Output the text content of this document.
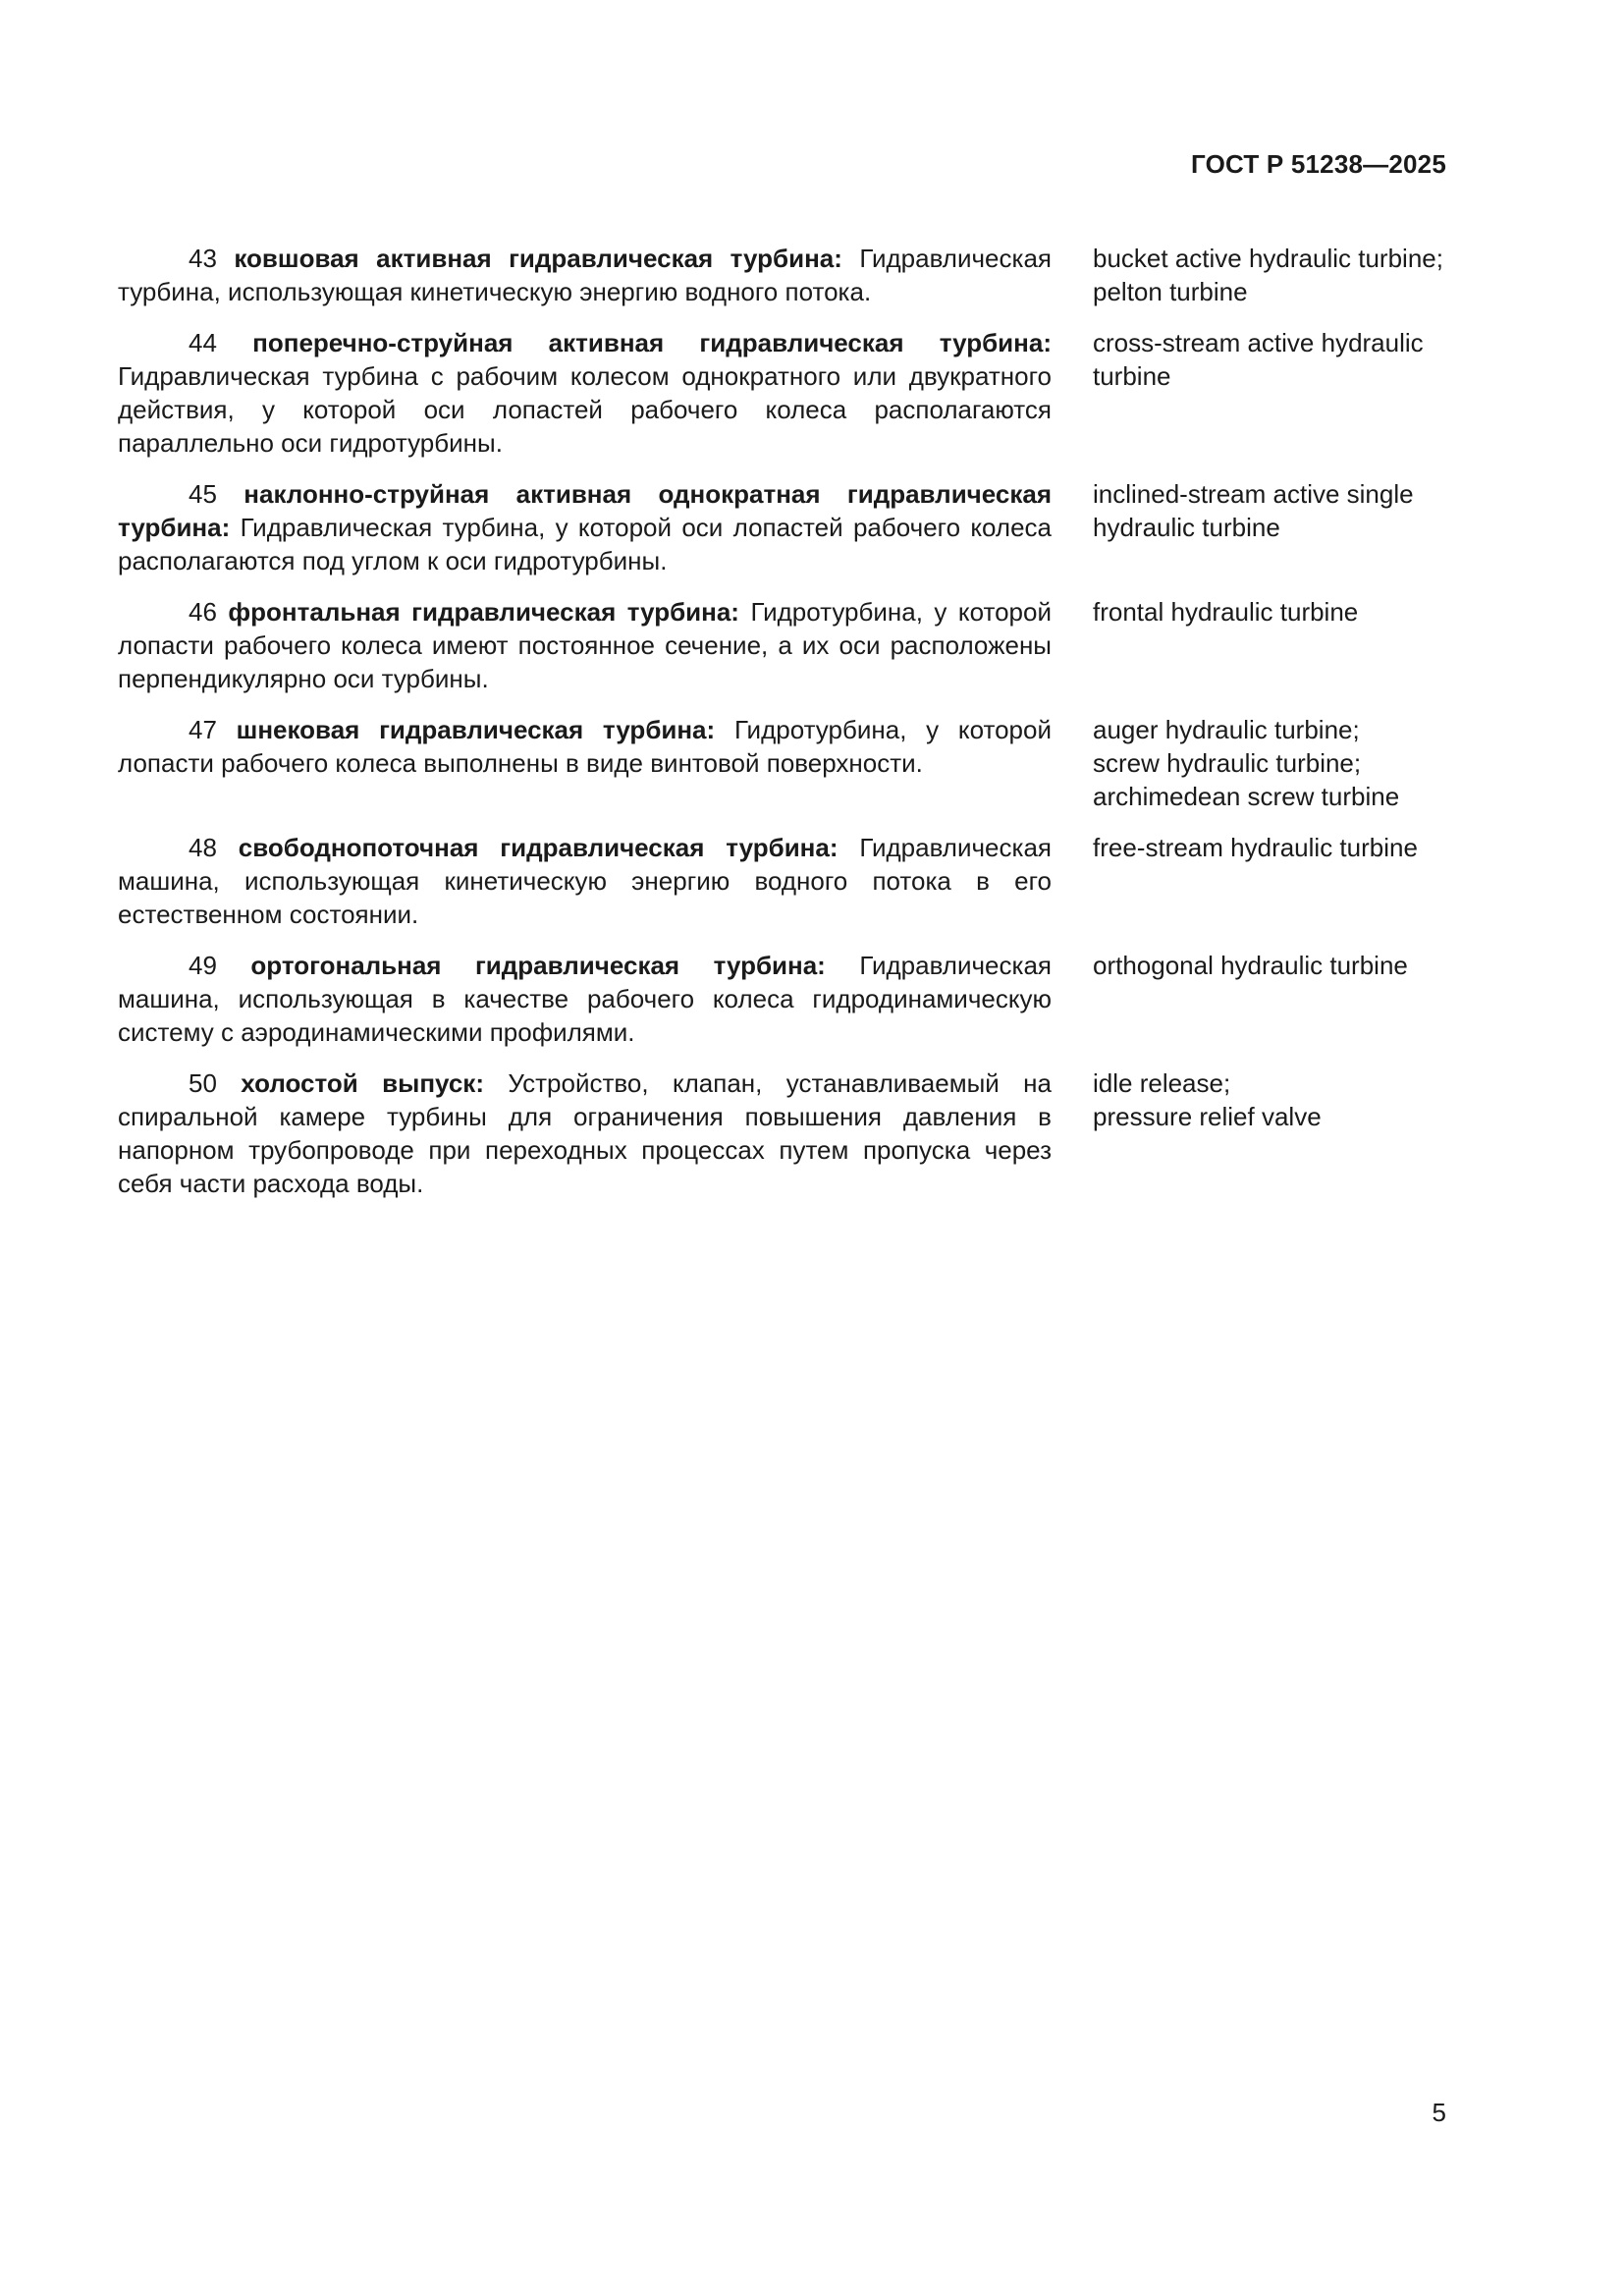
ГОСТ Р 51238—2025
43 ковшовая активная гидравлическая турбина: Гидравлическая турбина, использующая кинетическую энергию водного потока.
bucket active hydraulic turbine; pelton turbine
44 поперечно-струйная активная гидравлическая турбина: Гидравлическая турбина с рабочим колесом однократного или двукратного действия, у которой оси лопастей рабочего колеса располагаются параллельно оси гидротурбины.
cross-stream active hydraulic turbine
45 наклонно-струйная активная однократная гидравлическая турбина: Гидравлическая турбина, у которой оси лопастей рабочего колеса располагаются под углом к оси гидротурбины.
inclined-stream active single hydraulic turbine
46 фронтальная гидравлическая турбина: Гидротурбина, у которой лопасти рабочего колеса имеют постоянное сечение, а их оси расположены перпендикулярно оси турбины.
frontal hydraulic turbine
47 шнековая гидравлическая турбина: Гидротурбина, у которой лопасти рабочего колеса выполнены в виде винтовой поверхности.
auger hydraulic turbine;
screw hydraulic turbine;
archimedean screw turbine
48 свободнопоточная гидравлическая турбина: Гидравлическая машина, использующая кинетическую энергию водного потока в его естественном состоянии.
free-stream hydraulic turbine
49 ортогональная гидравлическая турбина: Гидравлическая машина, использующая в качестве рабочего колеса гидродинамическую систему с аэродинамическими профилями.
orthogonal hydraulic turbine
50 холостой выпуск: Устройство, клапан, устанавливаемый на спиральной камере турбины для ограничения повышения давления в напорном трубопроводе при переходных процессах путем пропуска через себя части расхода воды.
idle release;
pressure relief valve
5
